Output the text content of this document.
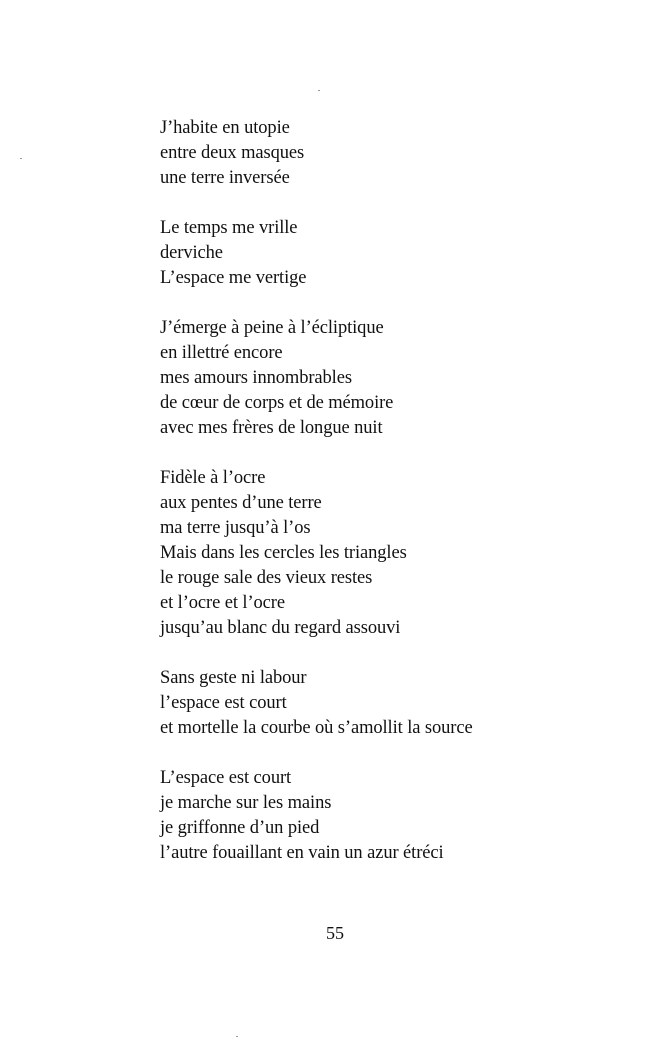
J’habite en utopie
entre deux masques
une terre inversée
Le temps me vrille
derviche
L’espace me vertige
J’émerge à peine à l’écliptique
en illettré encore
mes amours innombrables
de cœur de corps et de mémoire
avec mes frères de longue nuit
Fidèle à l’ocre
aux pentes d’une terre
ma terre jusqu’à l’os
Mais dans les cercles les triangles
le rouge sale des vieux restes
et l’ocre et l’ocre
jusqu’au blanc du regard assouvi
Sans geste ni labour
l’espace est court
et mortelle la courbe où s’amollit la source
L’espace est court
je marche sur les mains
je griffonne d’un pied
l’autre fouaillant en vain un azur étréci
55
